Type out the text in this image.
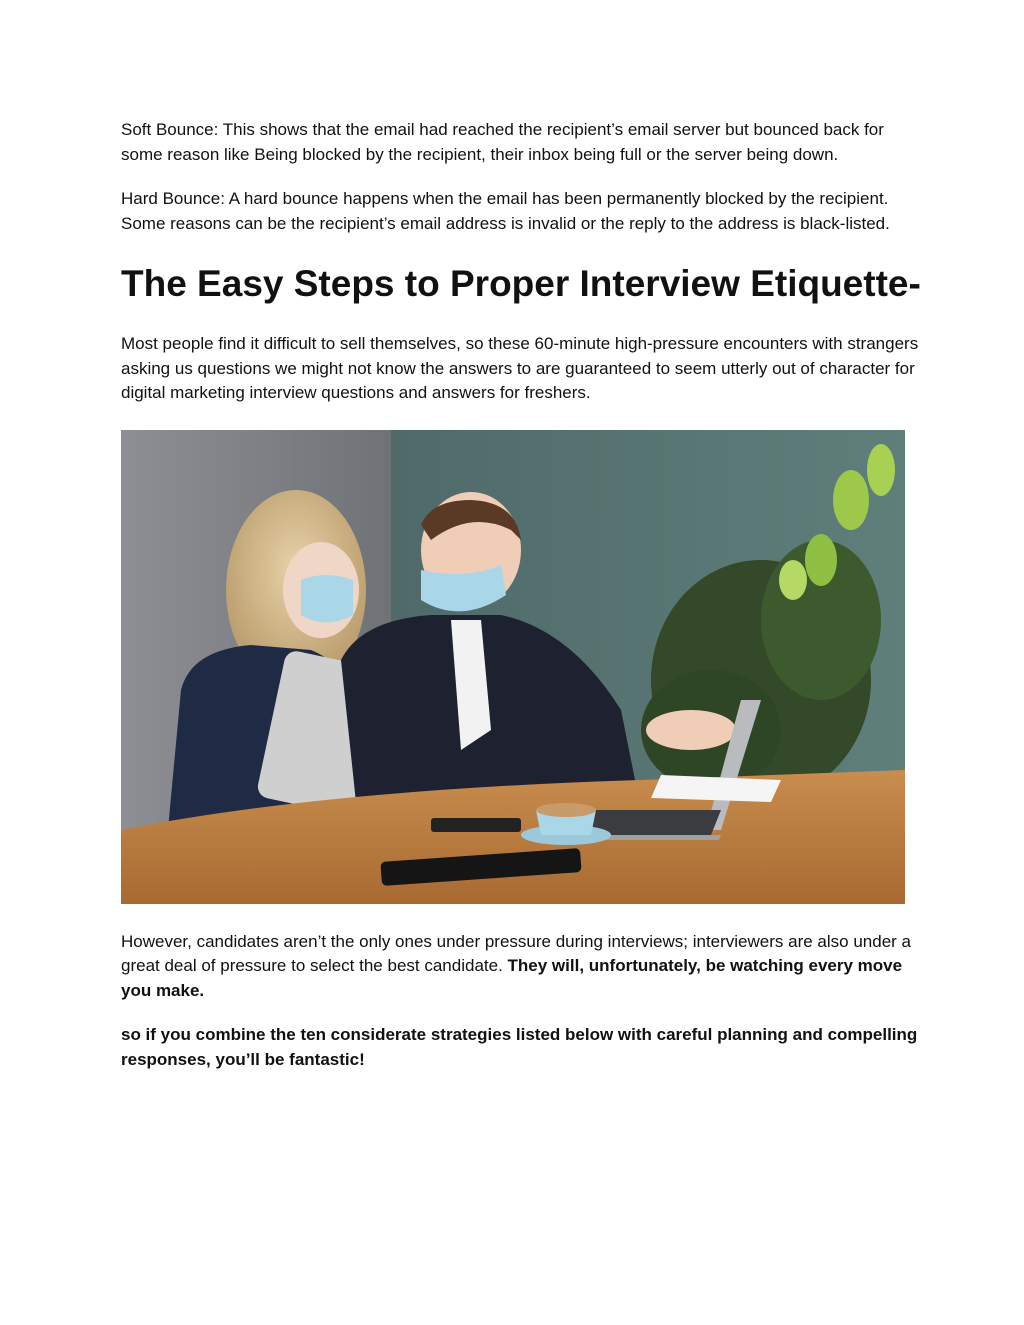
Soft Bounce: This shows that the email had reached the recipient’s email server but bounced back for some reason like Being blocked by the recipient, their inbox being full or the server being down.

Hard Bounce: A hard bounce happens when the email has been permanently blocked by the recipient. Some reasons can be the recipient’s email address is invalid or the reply to the address is black-listed.

The Easy Steps to Proper Interview Etiquette-

Most people find it difficult to sell themselves, so these 60-minute high-pressure encounters with strangers asking us questions we might not know the answers to are guaranteed to seem utterly out of character for digital marketing interview questions and answers for freshers.

However, candidates aren’t the only ones under pressure during interviews; interviewers are also under a great deal of pressure to select the best candidate. They will, unfortunately, be watching every move you make.

so if you combine the ten considerate strategies listed below with careful planning and compelling responses, you’ll be fantastic!
